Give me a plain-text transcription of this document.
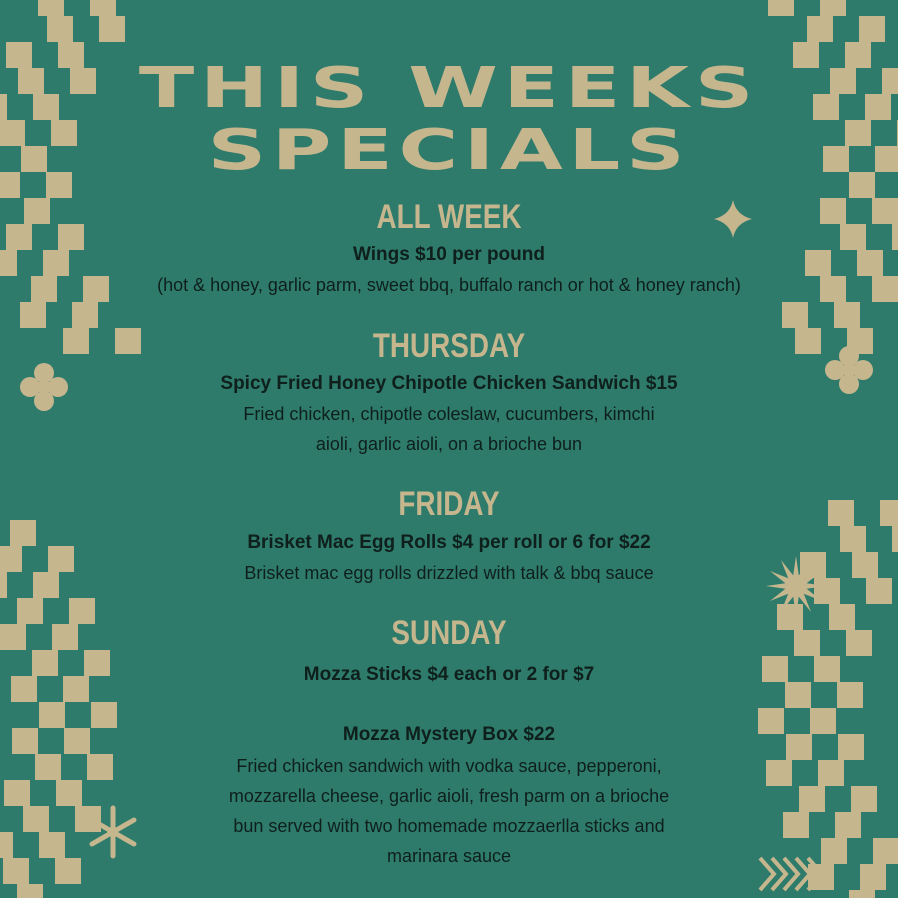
THIS WEEKS
SPECIALS
ALL WEEK
Wings $10 per pound
(hot & honey, garlic parm, sweet bbq, buffalo ranch or hot & honey ranch)
THURSDAY
Spicy Fried Honey Chipotle Chicken Sandwich $15
Fried chicken, chipotle coleslaw, cucumbers, kimchi
aioli, garlic aioli, on a brioche bun
FRIDAY
Brisket Mac Egg Rolls $4 per roll or 6 for $22
Brisket mac egg rolls drizzled with talk & bbq sauce
SUNDAY
Mozza Sticks $4 each or 2 for $7
Mozza Mystery Box $22
Fried chicken sandwich with vodka sauce, pepperoni,
mozzarella cheese, garlic aioli, fresh parm on a brioche
bun served with two homemade mozzaerlla sticks and
marinara sauce
